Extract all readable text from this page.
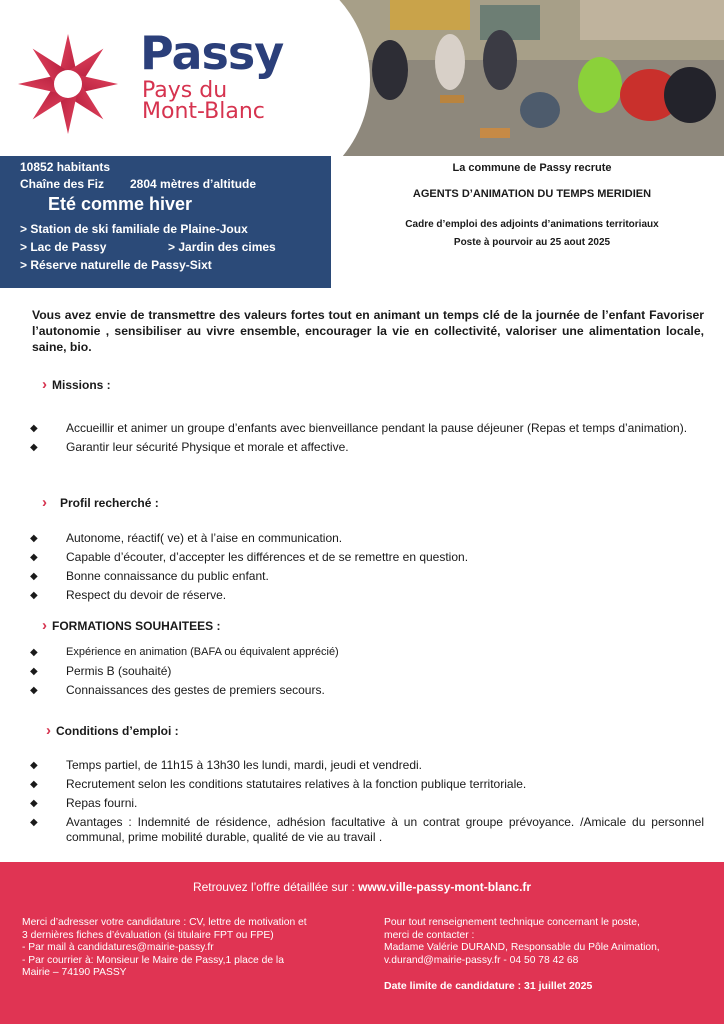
Passy
Pays du
Mont-Blanc
10852 habitants
Chaîne des Fiz 2804 mètres d’altitude
Eté comme hiver
> Station de ski familiale de Plaine-Joux
> Lac de Passy	> Jardin des cimes
> Réserve naturelle de Passy-Sixt
La commune de Passy recrute
AGENTS D’ANIMATION DU TEMPS MERIDIEN
Cadre d’emploi des adjoints d’animations territoriaux
Poste à pourvoir au 25 aout 2025
Vous avez envie de transmettre des valeurs fortes tout en animant un temps clé de la journée de l’enfant Favoriser l’autonomie , sensibiliser au vivre ensemble, encourager la vie en collectivité, valoriser une alimentation locale, saine, bio.
› Missions :
◆ Accueillir et animer un groupe d’enfants avec bienveillance pendant la pause déjeuner (Repas et temps d’animation).
◆ Garantir leur sécurité Physique et morale et affective.
› Profil recherché :
◆ Autonome, réactif( ve) et à l’aise en communication.
◆ Capable d’écouter, d’accepter les différences et de se remettre en question.
◆ Bonne connaissance du public enfant.
◆ Respect du devoir de réserve.
› FORMATIONS SOUHAITEES :
◆	Expérience en animation (BAFA ou équivalent apprécié)
◆ Permis B (souhaité)
◆ Connaissances des gestes de premiers secours.
› Conditions d’emploi :
◆ Temps partiel, de 11h15 à 13h30 les lundi, mardi, jeudi et vendredi.
◆ Recrutement selon les conditions statutaires relatives à la fonction publique territoriale.
◆ Repas fourni.
◆ Avantages : Indemnité de résidence, adhésion facultative à un contrat groupe prévoyance. /Amicale du personnel communal, prime mobilité durable, qualité de vie au travail .
Retrouvez l’offre détaillée sur : www.ville-passy-mont-blanc.fr
Merci d’adresser votre candidature : CV, lettre de motivation et
3 dernières fiches d’évaluation (si titulaire FPT ou FPE)
- Par mail à candidatures@mairie-passy.fr
- Par courrier à: Monsieur le Maire de Passy,1 place de la
Mairie – 74190 PASSY
Pour tout renseignement technique concernant le poste,
merci de contacter :
Madame Valérie DURAND, Responsable du Pôle Animation,
v.durand@mairie-passy.fr - 04 50 78 42 68
Date limite de candidature : 31 juillet 2025
